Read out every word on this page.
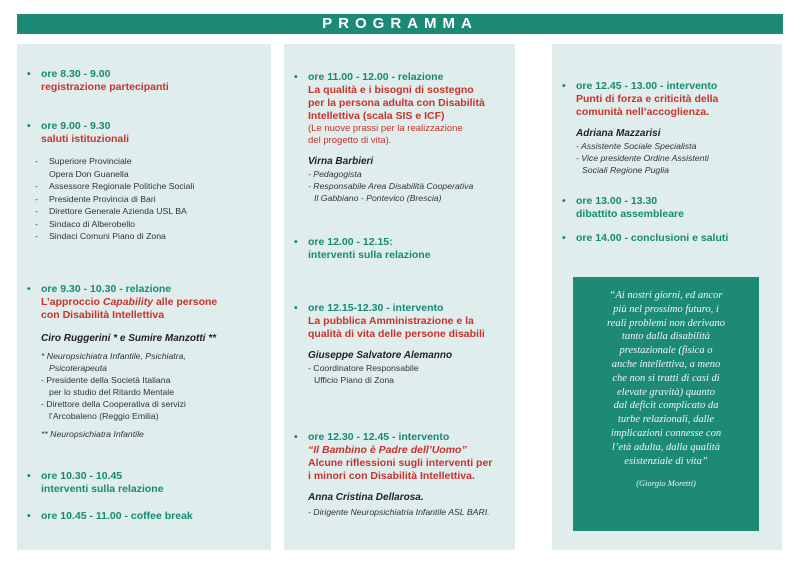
PROGRAMMA
• ore 8.30 - 9.00
registrazione partecipanti
• ore 9.00 - 9.30
saluti istituzionali
- Superiore Provinciale
Opera Don Guanella
- Assessore Regionale Politiche Sociali
- Presidente Provincia di Bari
- Direttore Generale Azienda USL BA
- Sindaco di Alberobello
- Sindaci Comuni Piano di Zona
• ore 9.30 - 10.30 - relazione
L’approccio Capability alle persone
con Disabilità Intellettiva
Ciro Ruggerini * e Sumire Manzotti **
* Neuropsichiatra Infantile, Psichiatra,
Psicoterapeuta
- Presidente della Società Italiana
per lo studio del Ritardo Mentale
- Direttore della Cooperativa di servizi
l’Arcobaleno (Reggio Emilia)
** Neuropsichiatra Infantile
• ore 10.30 - 10.45
interventi sulla relazione
• ore 10.45 - 11.00 - coffee break
• ore 11.00 - 12.00 - relazione
La qualità e i bisogni di sostegno
per la persona adulta con Disabilità
Intellettiva (scala SIS e ICF)
(Le nuove prassi per la realizzazione
del progetto di vita).
Virna Barbieri
- Pedagogista
- Responsabile Area Disabilità Cooperativa
Il Gabbiano - Pontevico (Brescia)
• ore 12.00 - 12.15:
interventi sulla relazione
• ore 12.15-12.30 - intervento
La pubblica Amministrazione e la
qualità di vita delle persone disabili
Giuseppe Salvatore Alemanno
- Coordinatore Responsabile
Ufficio Piano di Zona
• ore 12.30 - 12.45 - intervento
“Il Bambino è Padre dell’Uomo”
Alcune riflessioni sugli interventi per
i minori con Disabilità Intellettiva.
Anna Cristina Dellarosa.
- Dirigente Neuropsichiatria Infantile ASL BARI.
• ore 12.45 - 13.00 - intervento
Punti di forza e criticità della
comunità nell’accoglienza.
Adriana Mazzarisi
- Assistente Sociale Specialista
- Vice presidente Ordine Assistenti
Sociali Regione Puglia
• ore 13.00 - 13.30
dibattito assembleare
• ore 14.00 - conclusioni e saluti
“Ai nostri giorni, ed ancor
più nel prossimo futuro, i
reali problemi non derivano
tanto dalla disabilità
prestazionale (fisica o
anche intellettiva, a meno
che non si tratti di casi di
elevate gravità) quanto
dal deficit complicato da
turbe relazionali, dalle
implicazioni connesse con
l’età adulta, dalla qualità
esistenziale di vita”
(Giorgio Moretti)
